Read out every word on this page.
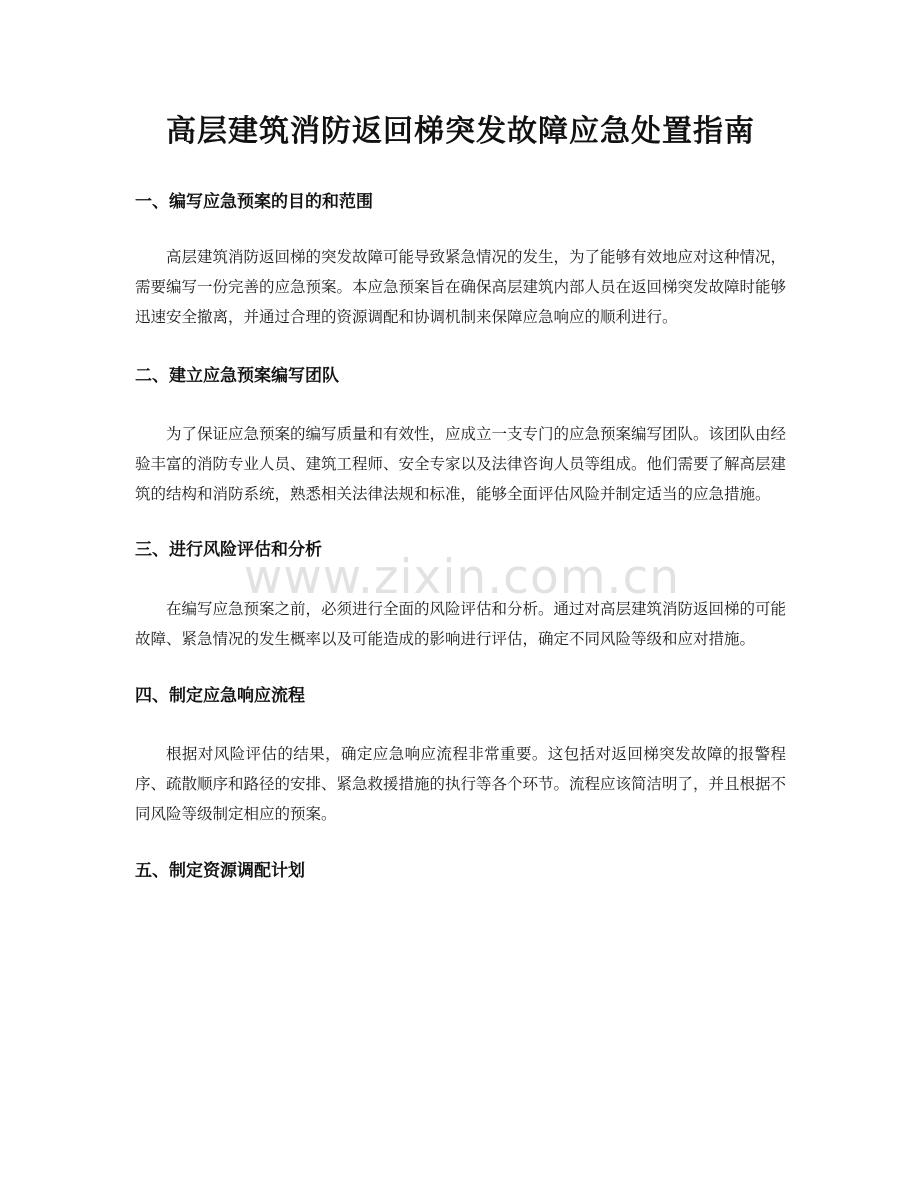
高层建筑消防返回梯突发故障应急处置指南
一、编写应急预案的目的和范围

高层建筑消防返回梯的突发故障可能导致紧急情况的发生，为了能够有效地应对这种情况，需要编写一份完善的应急预案。本应急预案旨在确保高层建筑内部人员在返回梯突发故障时能够迅速安全撤离，并通过合理的资源调配和协调机制来保障应急响应的顺利进行。

二、建立应急预案编写团队

为了保证应急预案的编写质量和有效性，应成立一支专门的应急预案编写团队。该团队由经验丰富的消防专业人员、建筑工程师、安全专家以及法律咨询人员等组成。他们需要了解高层建筑的结构和消防系统，熟悉相关法律法规和标准，能够全面评估风险并制定适当的应急措施。

三、进行风险评估和分析

在编写应急预案之前，必须进行全面的风险评估和分析。通过对高层建筑消防返回梯的可能故障、紧急情况的发生概率以及可能造成的影响进行评估，确定不同风险等级和应对措施。

四、制定应急响应流程

根据对风险评估的结果，确定应急响应流程非常重要。这包括对返回梯突发故障的报警程序、疏散顺序和路径的安排、紧急救援措施的执行等各个环节。流程应该简洁明了，并且根据不同风险等级制定相应的预案。

五、制定资源调配计划
www.zixin.com.cn
